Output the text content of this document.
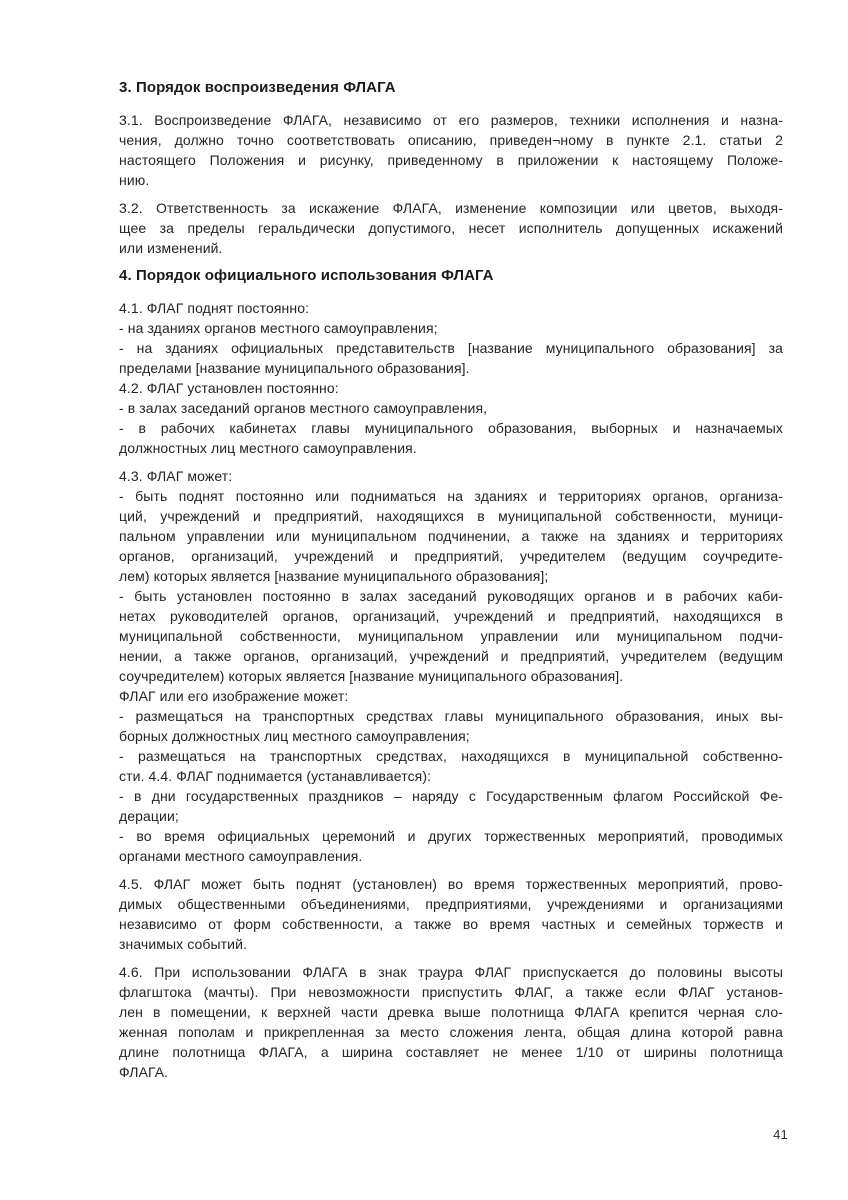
3. Порядок воспроизведения ФЛАГА
3.1. Воспроизведение ФЛАГА, независимо от его размеров, техники исполнения и назна-
чения, должно точно соответствовать описанию, приведен¬ному в пункте 2.1. статьи 2
настоящего Положения и рисунку, приведенному в приложении к настоящему Положе-
нию.
3.2. Ответственность за искажение ФЛАГА, изменение композиции или цветов, выходя-
щее за пределы геральдически допустимого, несет исполнитель допущенных искажений
или изменений.
4. Порядок официального использования ФЛАГА
4.1. ФЛАГ поднят постоянно:
- на зданиях органов местного самоуправления;
- на зданиях официальных представительств [название муниципального образования] за
пределами [название муниципального образования].
4.2. ФЛАГ установлен постоянно:
- в залах заседаний органов местного самоуправления,
- в рабочих кабинетах главы муниципального образования, выборных и назначаемых
должностных лиц местного самоуправления.
4.3. ФЛАГ может:
- быть поднят постоянно или подниматься на зданиях и территориях органов, организа-
ций, учреждений и предприятий, находящихся в муниципальной собственности, муници-
пальном управлении или муниципальном подчинении, а также на зданиях и территориях
органов, организаций, учреждений и предприятий, учредителем (ведущим соучредите-
лем) которых является [название муниципального образования];
- быть установлен постоянно в залах заседаний руководящих органов и в рабочих каби-
нетах руководителей органов, организаций, учреждений и предприятий, находящихся в
муниципальной собственности, муниципальном управлении или муниципальном подчи-
нении, а также органов, организаций, учреждений и предприятий, учредителем (ведущим
соучредителем) которых является [название муниципального образования].
ФЛАГ или его изображение может:
- размещаться на транспортных средствах главы муниципального образования, иных вы-
борных должностных лиц местного самоуправления;
- размещаться на транспортных средствах, находящихся в муниципальной собственно-
сти. 4.4. ФЛАГ поднимается (устанавливается):
- в дни государственных праздников – наряду с Государственным флагом Российской Фе-
дерации;
- во время официальных церемоний и других торжественных мероприятий, проводимых
органами местного самоуправления.
4.5. ФЛАГ может быть поднят (установлен) во время торжественных мероприятий, прово-
димых общественными объединениями, предприятиями, учреждениями и организациями
независимо от форм собственности, а также во время частных и семейных торжеств и
значимых событий.
4.6. При использовании ФЛАГА в знак траура ФЛАГ приспускается до половины высоты
флагштока (мачты). При невозможности приспустить ФЛАГ, а также если ФЛАГ установ-
лен в помещении, к верхней части древка выше полотнища ФЛАГА крепится черная сло-
женная пополам и прикрепленная за место сложения лента, общая длина которой равна
длине полотнища ФЛАГА, а ширина составляет не менее 1/10 от ширины полотнища
ФЛАГА.
41
